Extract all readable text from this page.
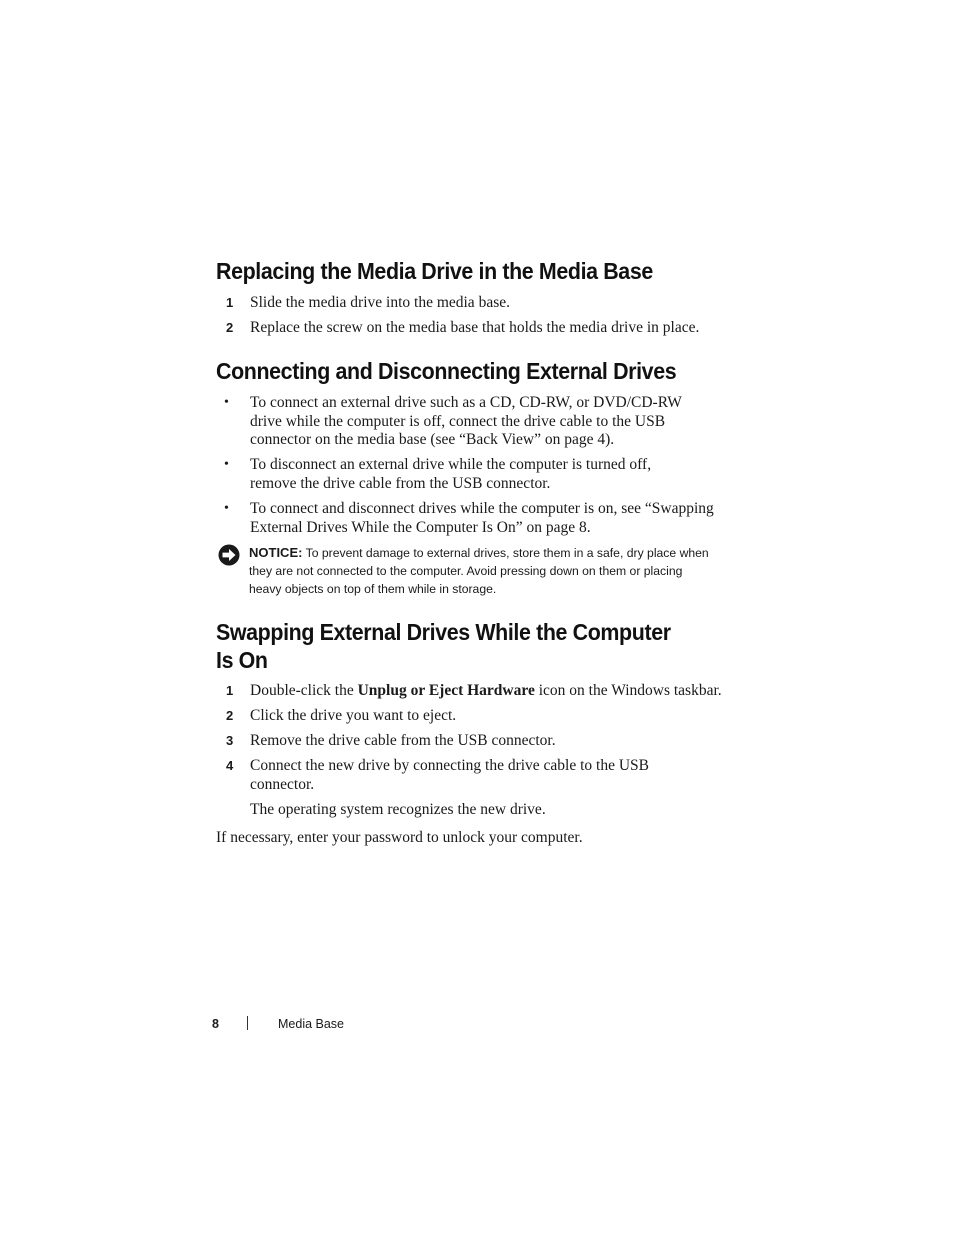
Replacing the Media Drive in the Media Base
1 Slide the media drive into the media base.
2 Replace the screw on the media base that holds the media drive in place.
Connecting and Disconnecting External Drives
• To connect an external drive such as a CD, CD-RW, or DVD/CD-RW drive while the computer is off, connect the drive cable to the USB connector on the media base (see “Back View” on page 4).
• To disconnect an external drive while the computer is turned off, remove the drive cable from the USB connector.
• To connect and disconnect drives while the computer is on, see “Swapping External Drives While the Computer Is On” on page 8.
NOTICE: To prevent damage to external drives, store them in a safe, dry place when they are not connected to the computer. Avoid pressing down on them or placing heavy objects on top of them while in storage.
Swapping External Drives While the Computer
Is On
1 Double-click the Unplug or Eject Hardware icon on the Windows taskbar.
2 Click the drive you want to eject.
3 Remove the drive cable from the USB connector.
4 Connect the new drive by connecting the drive cable to the USB connector.
The operating system recognizes the new drive.
If necessary, enter your password to unlock your computer.
8	Media Base
